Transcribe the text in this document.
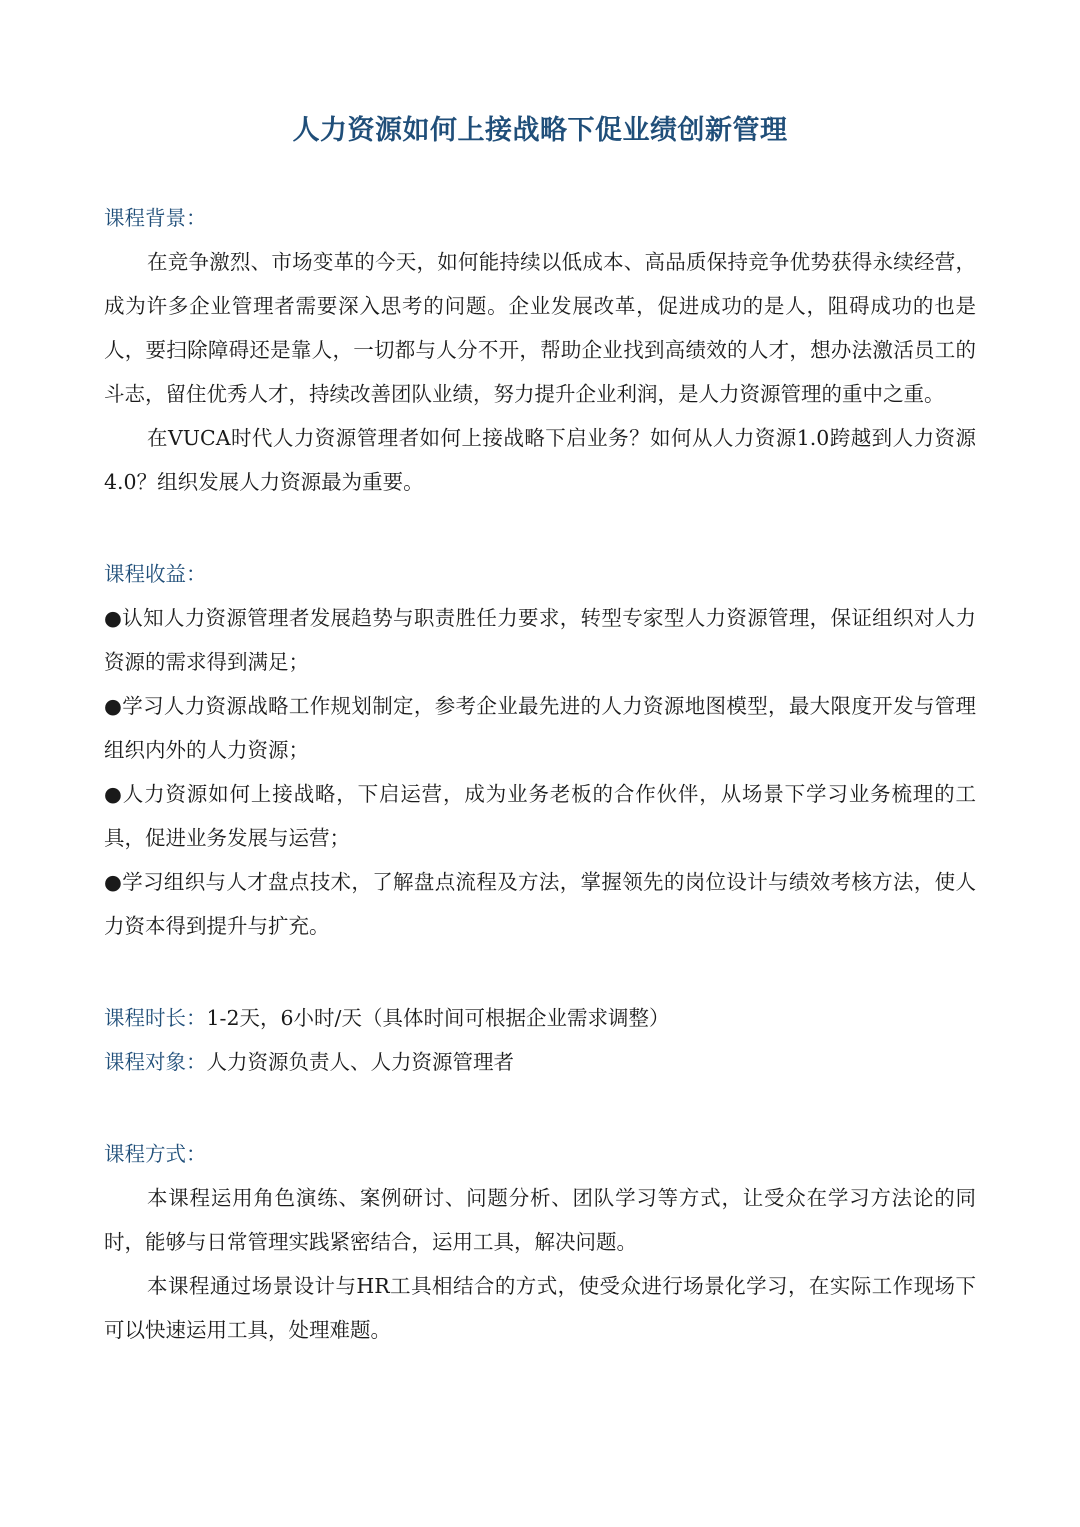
人力资源如何上接战略下促业绩创新管理

课程背景：

在竞争激烈、市场变革的今天，如何能持续以低成本、高品质保持竞争优势获得永续经营，成为许多企业管理者需要深入思考的问题。企业发展改革，促进成功的是人，阻碍成功的也是人，要扫除障碍还是靠人，一切都与人分不开，帮助企业找到高绩效的人才，想办法激活员工的斗志，留住优秀人才，持续改善团队业绩，努力提升企业利润，是人力资源管理的重中之重。

在VUCA时代人力资源管理者如何上接战略下启业务？如何从人力资源1.0跨越到人力资源4.0？组织发展人力资源最为重要。

课程收益：

●认知人力资源管理者发展趋势与职责胜任力要求，转型专家型人力资源管理，保证组织对人力资源的需求得到满足；

●学习人力资源战略工作规划制定，参考企业最先进的人力资源地图模型，最大限度开发与管理组织内外的人力资源；

●人力资源如何上接战略，下启运营，成为业务老板的合作伙伴，从场景下学习业务梳理的工具，促进业务发展与运营；

●学习组织与人才盘点技术，了解盘点流程及方法，掌握领先的岗位设计与绩效考核方法，使人力资本得到提升与扩充。

课程时长：1-2天，6小时/天（具体时间可根据企业需求调整）

课程对象：人力资源负责人、人力资源管理者

课程方式：

本课程运用角色演练、案例研讨、问题分析、团队学习等方式，让受众在学习方法论的同时，能够与日常管理实践紧密结合，运用工具，解决问题。

本课程通过场景设计与HR工具相结合的方式，使受众进行场景化学习，在实际工作现场下可以快速运用工具，处理难题。
